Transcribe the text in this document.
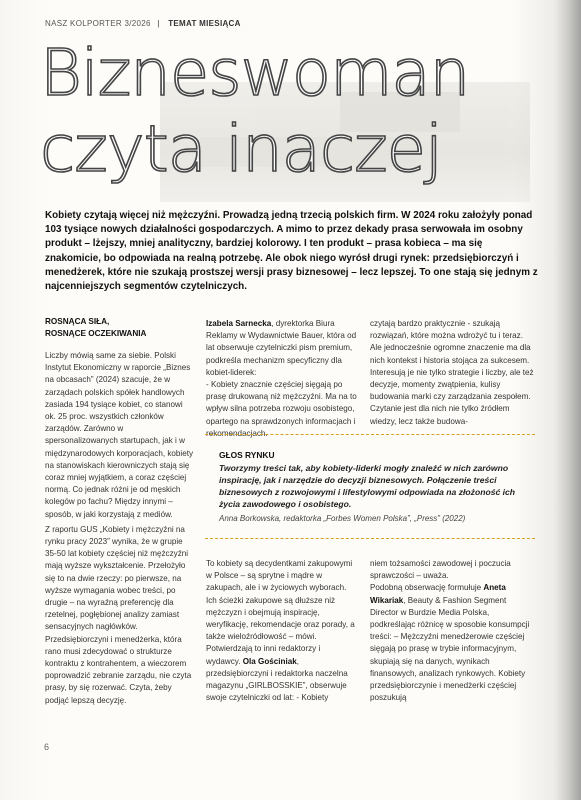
NASZ KOLPORTER 3/2026 | TEMAT MIESIĄCA
Bizneswoman
czyta inaczej
Kobiety czytają więcej niż mężczyźni. Prowadzą jedną trzecią polskich firm. W 2024 roku założyły ponad 103 tysiące nowych działalności gospodarczych. A mimo to przez dekady prasa serwowała im osobny produkt – lżejszy, mniej analityczny, bardziej kolorowy. I ten produkt – prasa kobieca – ma się znakomicie, bo odpowiada na realną potrzebę. Ale obok niego wyrósł drugi rynek: przedsiębiorczyń i menedżerek, które nie szukają prostszej wersji prasy biznesowej – lecz lepszej. To one stają się jednym z najcenniejszych segmentów czytelniczych.
ROSNĄCA SIŁA,
ROSNĄCE OCZEKIWANIA

Liczby mówią same za siebie. Polski Instytut Ekonomiczny w raporcie „Biznes na obcasach” (2024) szacuje, że w zarządach polskich spółek handlowych zasiada 194 tysiące kobiet, co stanowi ok. 25 proc. wszystkich członków zarządów. Zarówno w spersonalizowanych startupach, jak i w międzynarodowych korporacjach, kobiety na stanowiskach kierowniczych stają się coraz mniej wyjątkiem, a coraz częściej normą. Co jednak różni je od męskich kolegów po fachu? Między innymi – sposób, w jaki korzystają z mediów.

Z raportu GUS „Kobiety i mężczyźni na rynku pracy 2023” wynika, że w grupie 35-50 lat kobiety częściej niż mężczyźni mają wyższe wykształcenie. Przełożyło się to na dwie rzeczy: po pierwsze, na wyższe wymagania wobec treści, po drugie – na wyraźną preferencję dla rzetelnej, pogłębionej analizy zamiast sensacyjnych nagłówków. Przedsiębiorczyni i menedżerka, która rano musi zdecydować o strukturze kontraktu z kontrahentem, a wieczorem poprowadzić zebranie zarządu, nie czyta prasy, by się rozerwać. Czyta, żeby podjąć lepszą decyzję.

Izabela Sarnecka, dyrektorka Biura Reklamy w Wydawnictwie Bauer, która od lat obserwuje czytelniczki pism premium, podkreśla mechanizm specyficzny dla kobiet-liderek:

- Kobiety znacznie częściej sięgają po prasę drukowaną niż mężczyźni. Ma na to wpływ silna potrzeba rozwoju osobistego, opartego na sprawdzonych informacjach i rekomendacjach.

czytają bardzo praktycznie - szukają rozwiązań, które można wdrożyć tu i teraz. Ale jednocześnie ogromne znaczenie ma dla nich kontekst i historia stojąca za sukcesem. Interesują je nie tylko strategie i liczby, ale też decyzje, momenty zwątpienia, kulisy budowania marki czy zarządzania zespołem. Czytanie jest dla nich nie tylko źródłem wiedzy, lecz także budowa-
GŁOS RYNKU
Tworzymy treści tak, aby kobiety-liderki mogły znaleźć w nich zarówno inspirację, jak i narzędzie do decyzji biznesowych. Połączenie treści biznesowych z rozwojowymi i lifestylowymi odpowiada na złożoność ich życia zawodowego i osobistego.
Anna Borkowska, redaktorka „Forbes Women Polska”, „Press” (2022)

To kobiety są decydentkami zakupowymi w Polsce – są sprytne i mądre w zakupach, ale i w życiowych wyborach. Ich ścieżki zakupowe są dłuższe niż mężczyzn i obejmują inspirację, weryfikację, rekomendacje oraz porady, a także wieloźródłowość – mówi. Potwierdzają to inni redaktorzy i wydawcy. Ola Gościniak, przedsiębiorczyni i redaktorka naczelna magazynu „GIRLBOSSKIE”, obserwuje swoje czytelniczki od lat: - Kobiety

niem tożsamości zawodowej i poczucia sprawczości – uważa.

Podobną obserwację formułuje Aneta Wikariak, Beauty & Fashion Segment Director w Burdzie Media Polska, podkreślając różnicę w sposobie konsumpcji treści: – Mężczyźni menedżerowie częściej sięgają po prasę w trybie informacyjnym, skupiają się na danych, wynikach finansowych, analizach rynkowych. Kobiety przedsiębiorczynie i menedżerki częściej poszukują

6
